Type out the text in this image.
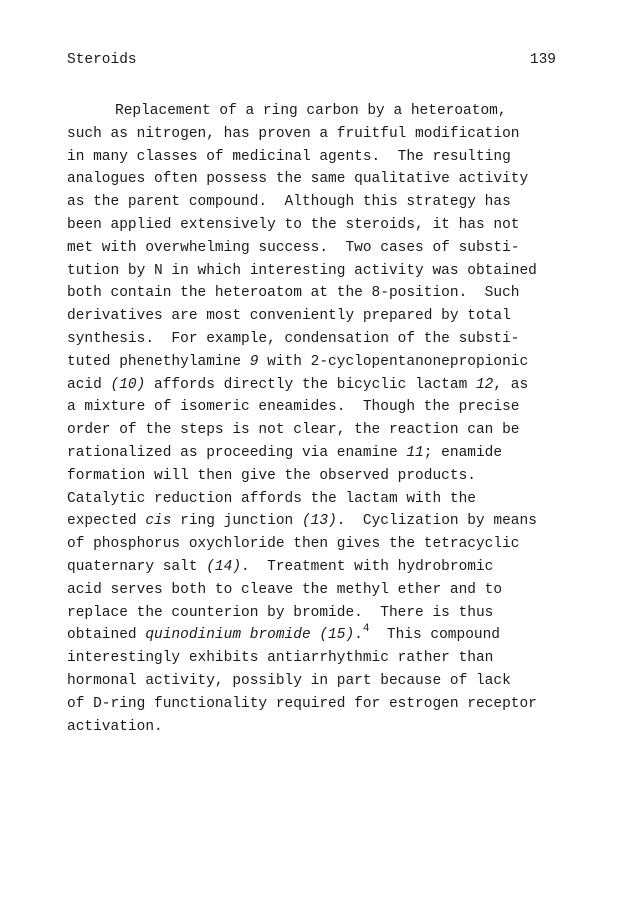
Steroids	139
Replacement of a ring carbon by a heteroatom,
such as nitrogen, has proven a fruitful modification
in many classes of medicinal agents.  The resulting
analogues often possess the same qualitative activity
as the parent compound.  Although this strategy has
been applied extensively to the steroids, it has not
met with overwhelming success.  Two cases of substi-
tution by N in which interesting activity was obtained
both contain the heteroatom at the 8-position.  Such
derivatives are most conveniently prepared by total
synthesis.  For example, condensation of the substi-
tuted phenethylamine 9 with 2-cyclopentanonepropionic
acid (10) affords directly the bicyclic lactam 12, as
a mixture of isomeric eneamides.  Though the precise
order of the steps is not clear, the reaction can be
rationalized as proceeding via enamine 11; enamide
formation will then give the observed products.
Catalytic reduction affords the lactam with the
expected cis ring junction (13).  Cyclization by means
of phosphorus oxychloride then gives the tetracyclic
quaternary salt (14).  Treatment with hydrobromic
acid serves both to cleave the methyl ether and to
replace the counterion by bromide.  There is thus
obtained quinodinium bromide (15).$^4$  This compound
interestingly exhibits antiarrhythmic rather than
hormonal activity, possibly in part because of lack
of D-ring functionality required for estrogen receptor
activation.
